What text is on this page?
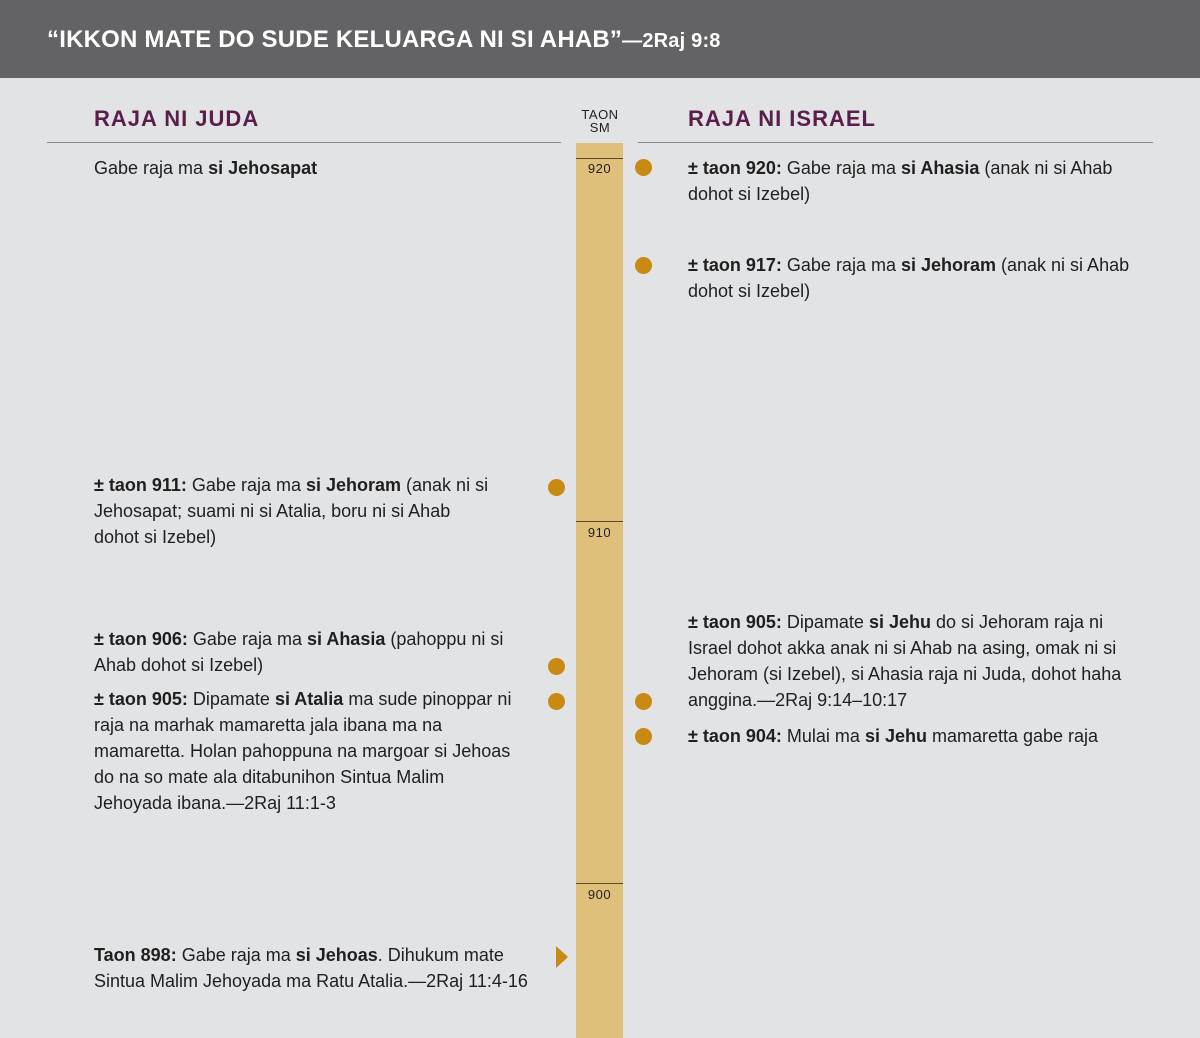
“IKKON MATE DO SUDE KELUARGA NI SI AHAB”—2Raj 9:8
RAJA NI JUDA	RAJA NI ISRAEL
TAON
SM
920
910
900
Gabe raja ma si Jehosapat
± taon 911: Gabe raja ma si Jehoram (anak ni si Jehosapat; suami ni si Atalia, boru ni si Ahab dohot si Izebel)
± taon 906: Gabe raja ma si Ahasia (pahoppu ni si Ahab dohot si Izebel)
± taon 905: Dipamate si Atalia ma sude pinoppar ni raja na marhak mamaretta jala ibana ma na mamaretta. Holan pahoppuna na margoar si Jehoas do na so mate ala ditabunihon Sintua Malim Jehoyada ibana.—2Raj 11:1-3
Taon 898: Gabe raja ma si Jehoas. Dihukum mate Sintua Malim Jehoyada ma Ratu Atalia.—2Raj 11:4-16
± taon 920: Gabe raja ma si Ahasia (anak ni si Ahab dohot si Izebel)
± taon 917: Gabe raja ma si Jehoram (anak ni si Ahab dohot si Izebel)
± taon 905: Dipamate si Jehu do si Jehoram raja ni Israel dohot akka anak ni si Ahab na asing, omak ni si Jehoram (si Izebel), si Ahasia raja ni Juda, dohot haha anggina.—2Raj 9:14–10:17
± taon 904: Mulai ma si Jehu mamaretta gabe raja
